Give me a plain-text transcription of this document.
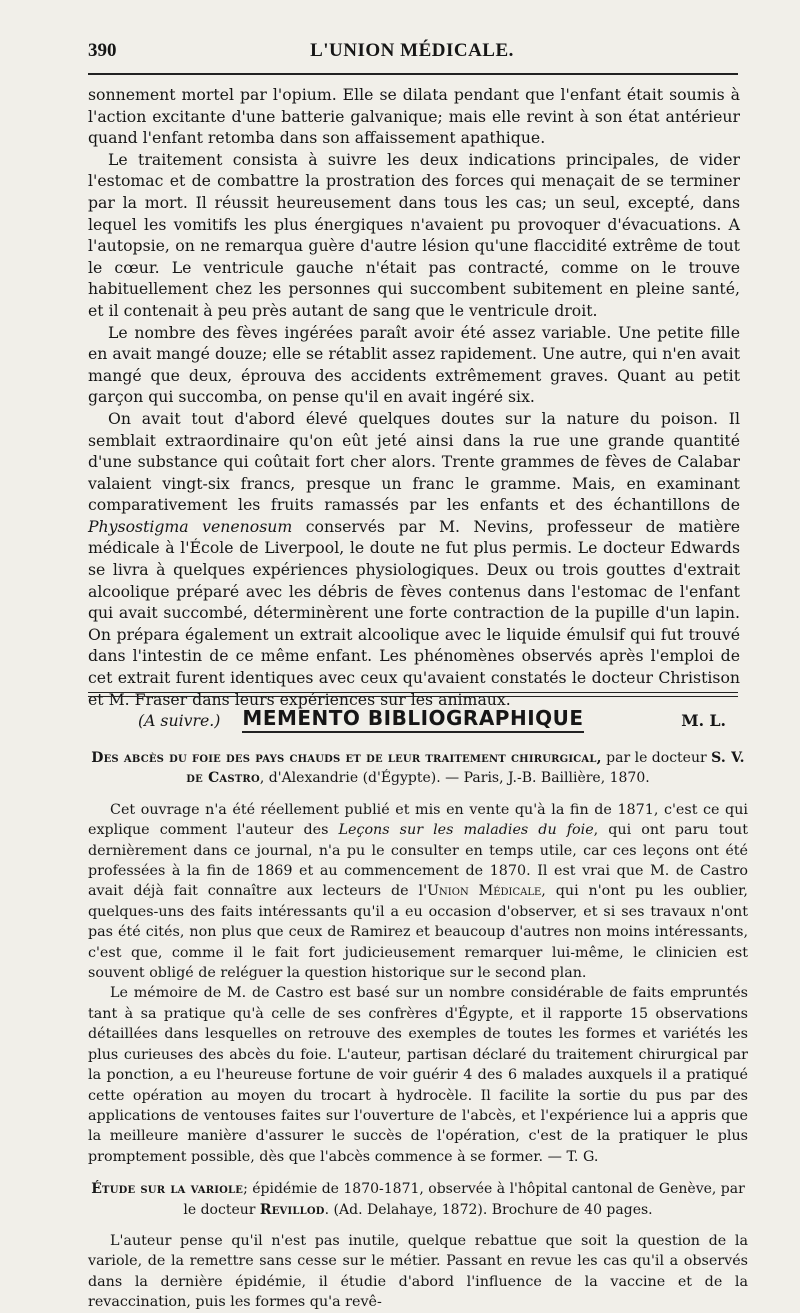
390	L'UNION MÉDICALE.

sonnement mortel par l'opium. Elle se dilata pendant que l'enfant était soumis à l'action excitante d'une batterie galvanique; mais elle revint à son état antérieur quand l'enfant retomba dans son affaissement apathique.

Le traitement consista à suivre les deux indications principales, de vider l'estomac et de combattre la prostration des forces qui menaçait de se terminer par la mort. Il réussit heureusement dans tous les cas; un seul, excepté, dans lequel les vomitifs les plus énergiques n'avaient pu provoquer d'évacuations. A l'autopsie, on ne remarqua guère d'autre lésion qu'une flaccidité extrême de tout le cœur. Le ventricule gauche n'était pas contracté, comme on le trouve habituellement chez les personnes qui succombent subitement en pleine santé, et il contenait à peu près autant de sang que le ventricule droit.

Le nombre des fèves ingérées paraît avoir été assez variable. Une petite fille en avait mangé douze; elle se rétablit assez rapidement. Une autre, qui n'en avait mangé que deux, éprouva des accidents extrêmement graves. Quant au petit garçon qui succomba, on pense qu'il en avait ingéré six.

On avait tout d'abord élevé quelques doutes sur la nature du poison. Il semblait extraordinaire qu'on eût jeté ainsi dans la rue une grande quantité d'une substance qui coûtait fort cher alors. Trente grammes de fèves de Calabar valaient vingt-six francs, presque un franc le gramme. Mais, en examinant comparativement les fruits ramassés par les enfants et des échantillons de Physostigma venenosum conservés par M. Nevins, professeur de matière médicale à l'École de Liverpool, le doute ne fut plus permis. Le docteur Edwards se livra à quelques expériences physiologiques. Deux ou trois gouttes d'extrait alcoolique préparé avec les débris de fèves contenus dans l'estomac de l'enfant qui avait succombé, déterminèrent une forte contraction de la pupille d'un lapin. On prépara également un extrait alcoolique avec le liquide émulsif qui fut trouvé dans l'intestin de ce même enfant. Les phénomènes observés après l'emploi de cet extrait furent identiques avec ceux qu'avaient constatés le docteur Christison et M. Fraser dans leurs expériences sur les animaux.

(A suivre.)	M. L.
MEMENTO BIBLIOGRAPHIQUE

Des abcès du foie des pays chauds et de leur traitement chirurgical, par le docteur S. V. de Castro, d'Alexandrie (d'Égypte). — Paris, J.-B. Baillière, 1870.

Cet ouvrage n'a été réellement publié et mis en vente qu'à la fin de 1871, c'est ce qui explique comment l'auteur des Leçons sur les maladies du foie, qui ont paru tout dernièrement dans ce journal, n'a pu le consulter en temps utile, car ces leçons ont été professées à la fin de 1869 et au commencement de 1870. Il est vrai que M. de Castro avait déjà fait connaître aux lecteurs de l'Union Médicale, qui n'ont pu les oublier, quelques-uns des faits intéressants qu'il a eu occasion d'observer, et si ses travaux n'ont pas été cités, non plus que ceux de Ramirez et beaucoup d'autres non moins intéressants, c'est que, comme il le fait fort judicieusement remarquer lui-même, le clinicien est souvent obligé de reléguer la question historique sur le second plan.

Le mémoire de M. de Castro est basé sur un nombre considérable de faits empruntés tant à sa pratique qu'à celle de ses confrères d'Égypte, et il rapporte 15 observations détaillées dans lesquelles on retrouve des exemples de toutes les formes et variétés les plus curieuses des abcès du foie. L'auteur, partisan déclaré du traitement chirurgical par la ponction, a eu l'heureuse fortune de voir guérir 4 des 6 malades auxquels il a pratiqué cette opération au moyen du trocart à hydrocèle. Il facilite la sortie du pus par des applications de ventouses faites sur l'ouverture de l'abcès, et l'expérience lui a appris que la meilleure manière d'assurer le succès de l'opération, c'est de la pratiquer le plus promptement possible, dès que l'abcès commence à se former. — T. G.

Étude sur la variole; épidémie de 1870-1871, observée à l'hôpital cantonal de Genève, par le docteur Revillod. (Ad. Delahaye, 1872). Brochure de 40 pages.

L'auteur pense qu'il n'est pas inutile, quelque rebattue que soit la question de la variole, de la remettre sans cesse sur le métier. Passant en revue les cas qu'il a observés dans la dernière épidémie, il étudie d'abord l'influence de la vaccine et de la revaccination, puis les formes qu'a revê-
